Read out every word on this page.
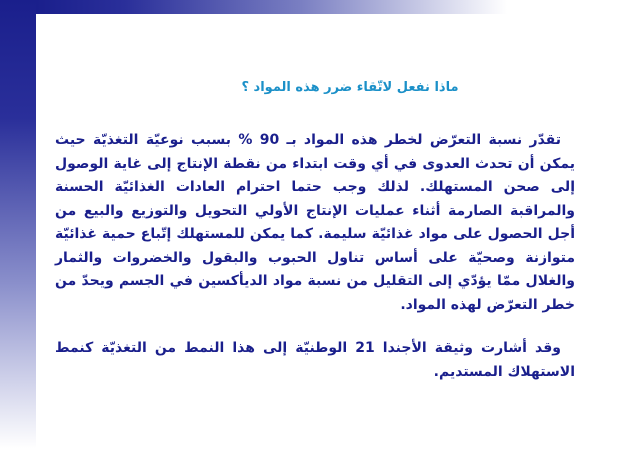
ماذا نفعل لاتّقاء ضرر هذه المواد ؟

تقدّر نسبة التعرّض لخطر هذه المواد بـ 90 % بسبب نوعيّة التغذيّة حيث يمكن أن تحدث العدوى في أي وقت ابتداء من نقطة الإنتاج إلى غاية الوصول إلى صحن المستهلك. لذلك وجب حتما احترام العادات الغذائيّة الحسنة والمراقبة الصارمة أثناء عمليات الإنتاج الأولي التحويل والتوزيع والبيع من أجل الحصول على مواد غذائيّة سليمة. كما يمكن للمستهلك إتّباع حمية غذائيّة متوازنة وصحيّة على أساس تناول الحبوب والبقول والخضروات والثمار والغلال ممّا يؤدّي إلى التقليل من نسبة مواد الديأكسين في الجسم ويحدّ من خطر التعرّض لهذه المواد.

وقد أشارت وثيقة الأجندا 21 الوطنيّة إلى هذا النمط من التغذيّة كنمط الاستهلاك المستديم.
